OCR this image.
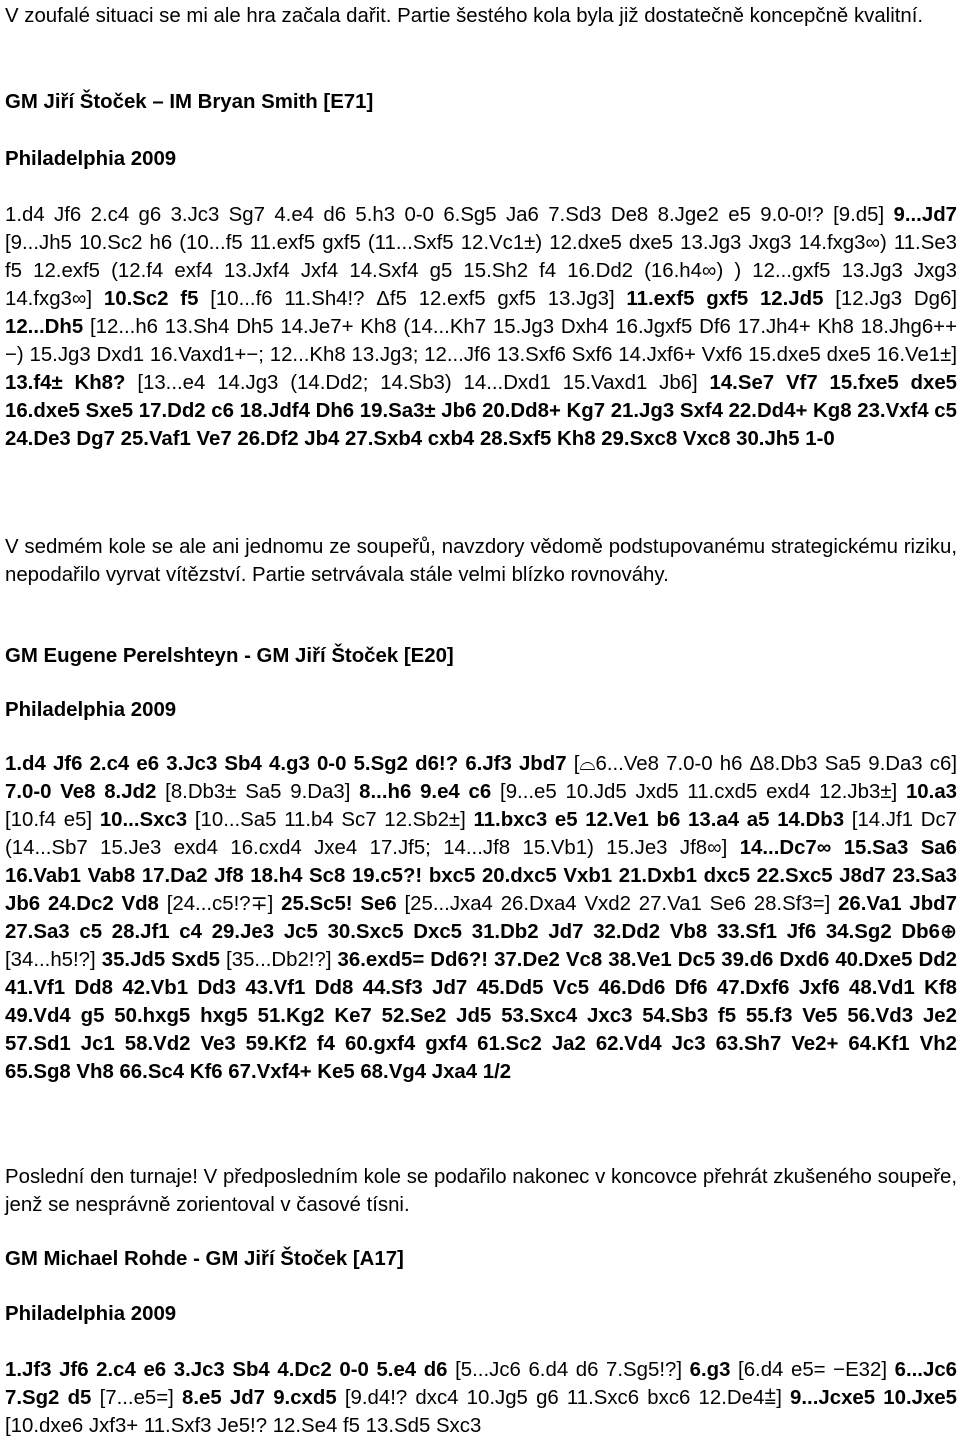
V zoufalé situaci se mi ale hra začala dařit. Partie šestého kola byla již dostatečně koncepčně kvalitní.

GM Jiří Štoček – IM Bryan Smith [E71]
Philadelphia 2009

1.d4 Jf6 2.c4 g6 3.Jc3 Sg7 4.e4 d6 5.h3 0-0 6.Sg5 Ja6 7.Sd3 De8 8.Jge2 e5 9.0-0!? [9.d5] 9...Jd7 [9...Jh5 10.Sc2 h6 (10...f5 11.exf5 gxf5 (11...Sxf5 12.Vc1±) 12.dxe5 dxe5 13.Jg3 Jxg3 14.fxg3∞) 11.Se3 f5 12.exf5 (12.f4 exf4 13.Jxf4 Jxf4 14.Sxf4 g5 15.Sh2 f4 16.Dd2 (16.h4∞) ) 12...gxf5 13.Jg3 Jxg3 14.fxg3∞] 10.Sc2 f5 [10...f6 11.Sh4!? Δf5 12.exf5 gxf5 13.Jg3] 11.exf5 gxf5 12.Jd5 [12.Jg3 Dg6] 12...Dh5 [12...h6 13.Sh4 Dh5 14.Je7+ Kh8 (14...Kh7 15.Jg3 Dxh4 16.Jgxf5 Df6 17.Jh4+ Kh8 18.Jhg6++−) 15.Jg3 Dxd1 16.Vaxd1+−; 12...Kh8 13.Jg3; 12...Jf6 13.Sxf6 Sxf6 14.Jxf6+ Vxf6 15.dxe5 dxe5 16.Ve1±] 13.f4± Kh8? [13...e4 14.Jg3 (14.Dd2; 14.Sb3) 14...Dxd1 15.Vaxd1 Jb6] 14.Se7 Vf7 15.fxe5 dxe5 16.dxe5 Sxe5 17.Dd2 c6 18.Jdf4 Dh6 19.Sa3± Jb6 20.Dd8+ Kg7 21.Jg3 Sxf4 22.Dd4+ Kg8 23.Vxf4 c5 24.De3 Dg7 25.Vaf1 Ve7 26.Df2 Jb4 27.Sxb4 cxb4 28.Sxf5 Kh8 29.Sxc8 Vxc8 30.Jh5 1-0

V sedmém kole se ale ani jednomu ze soupeřů, navzdory vědomě podstupovanému strategickému riziku, nepodařilo vyrvat vítězství. Partie setrvávala stále velmi blízko rovnováhy.

GM Eugene Perelshteyn - GM Jiří Štoček [E20]
Philadelphia 2009

1.d4 Jf6 2.c4 e6 3.Jc3 Sb4 4.g3 0-0 5.Sg2 d6!? 6.Jf3 Jbd7 [⌓6...Ve8 7.0-0 h6 Δ8.Db3 Sa5 9.Da3 c6] 7.0-0 Ve8 8.Jd2 [8.Db3± Sa5 9.Da3] 8...h6 9.e4 c6 [9...e5 10.Jd5 Jxd5 11.cxd5 exd4 12.Jb3±] 10.a3 [10.f4 e5] 10...Sxc3 [10...Sa5 11.b4 Sc7 12.Sb2±] 11.bxc3 e5 12.Ve1 b6 13.a4 a5 14.Db3 [14.Jf1 Dc7 (14...Sb7 15.Je3 exd4 16.cxd4 Jxe4 17.Jf5; 14...Jf8 15.Vb1) 15.Je3 Jf8∞] 14...Dc7∞ 15.Sa3 Sa6 16.Vab1 Vab8 17.Da2 Jf8 18.h4 Sc8 19.c5?! bxc5 20.dxc5 Vxb1 21.Dxb1 dxc5 22.Sxc5 J8d7 23.Sa3 Jb6 24.Dc2 Vd8 [24...c5!?∓] 25.Sc5! Se6 [25...Jxa4 26.Dxa4 Vxd2 27.Va1 Se6 28.Sf3=] 26.Va1 Jbd7 27.Sa3 c5 28.Jf1 c4 29.Je3 Jc5 30.Sxc5 Dxc5 31.Db2 Jd7 32.Dd2 Vb8 33.Sf1 Jf6 34.Sg2 Db6⊕ [34...h5!?] 35.Jd5 Sxd5 [35...Db2!?] 36.exd5= Dd6?! 37.De2 Vc8 38.Ve1 Dc5 39.d6 Dxd6 40.Dxe5 Dd2 41.Vf1 Dd8 42.Vb1 Dd3 43.Vf1 Dd8 44.Sf3 Jd7 45.Dd5 Vc5 46.Dd6 Df6 47.Dxf6 Jxf6 48.Vd1 Kf8 49.Vd4 g5 50.hxg5 hxg5 51.Kg2 Ke7 52.Se2 Jd5 53.Sxc4 Jxc3 54.Sb3 f5 55.f3 Ve5 56.Vd3 Je2 57.Sd1 Jc1 58.Vd2 Ve3 59.Kf2 f4 60.gxf4 gxf4 61.Sc2 Ja2 62.Vd4 Jc3 63.Sh7 Ve2+ 64.Kf1 Vh2 65.Sg8 Vh8 66.Sc4 Kf6 67.Vxf4+ Ke5 68.Vg4 Jxa4 1/2

Poslední den turnaje! V předposledním kole se podařilo nakonec v koncovce přehrát zkušeného soupeře, jenž se nesprávně zorientoval v časové tísni.

GM Michael Rohde - GM Jiří Štoček [A17]
Philadelphia 2009

1.Jf3 Jf6 2.c4 e6 3.Jc3 Sb4 4.Dc2 0-0 5.e4 d6 [5...Jc6 6.d4 d6 7.Sg5!?] 6.g3 [6.d4 e5= −E32] 6...Jc6 7.Sg2 d5 [7...e5=] 8.e5 Jd7 9.cxd5 [9.d4!? dxc4 10.Jg5 g6 11.Sxc6 bxc6 12.De4⩲] 9...Jcxe5 10.Jxe5 [10.dxe6 Jxf3+ 11.Sxf3 Je5!? 12.Se4 f5 13.Sd5 Sxc3
